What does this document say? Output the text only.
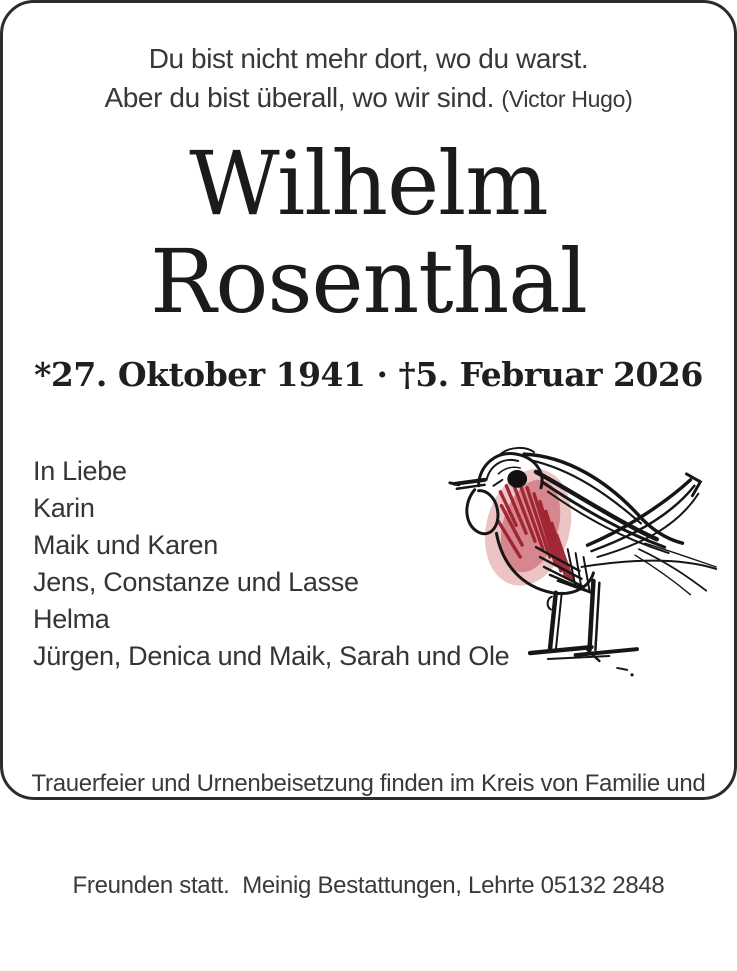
Du bist nicht mehr dort, wo du warst.
Aber du bist überall, wo wir sind. (Victor Hugo)
Wilhelm
Rosenthal
*27. Oktober 1941 · †5. Februar 2026
In Liebe
Karin
Maik und Karen
Jens, Constanze und Lasse
Helma
Jürgen, Denica und Maik, Sarah und Ole

Trauerfeier und Urnenbeisetzung finden im Kreis von Familie und

Freunden statt.  Meinig Bestattungen, Lehrte 05132 2848
